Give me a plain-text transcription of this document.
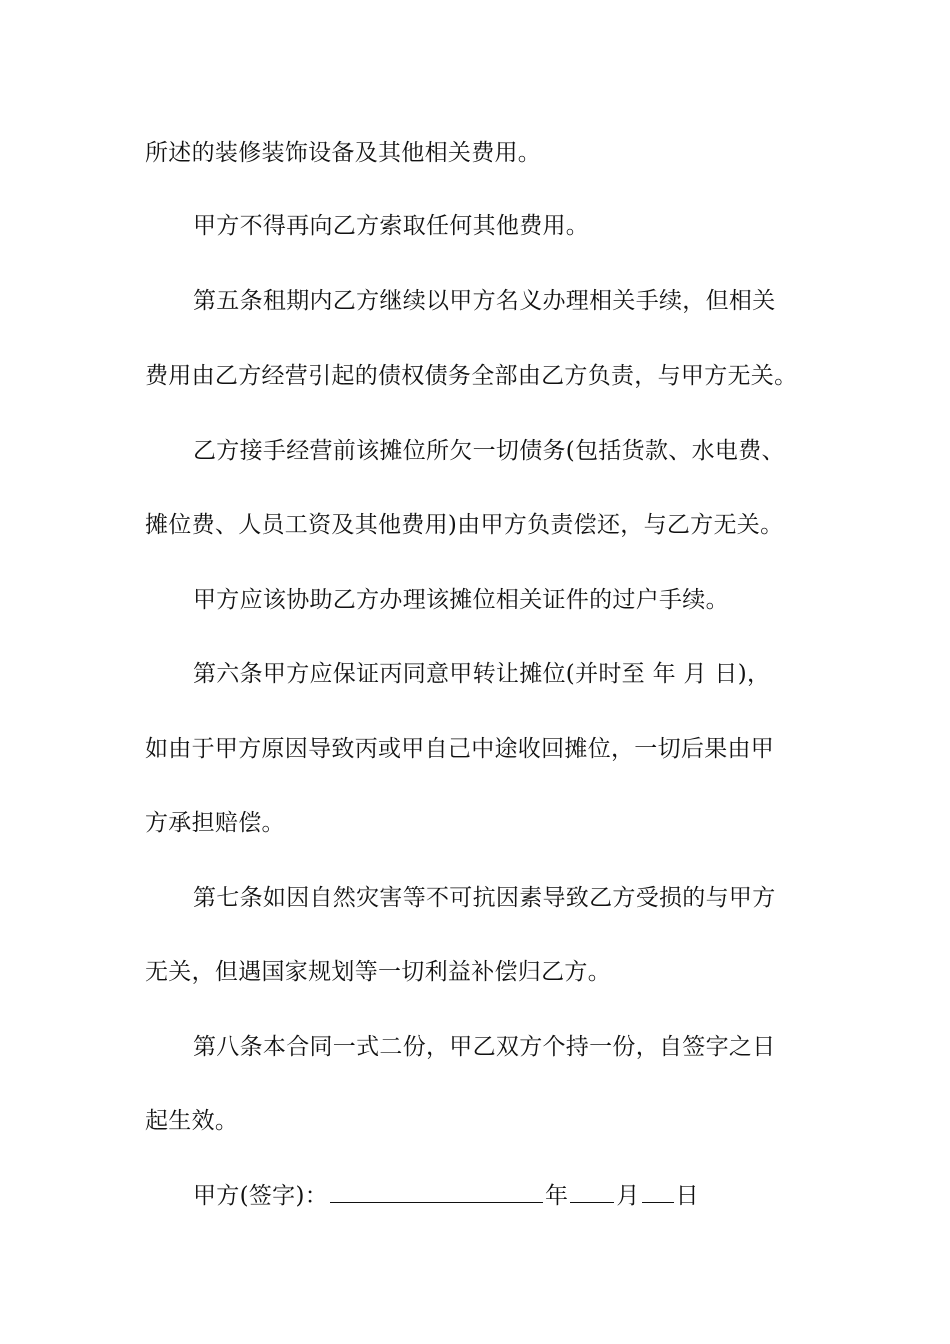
所述的装修装饰设备及其他相关费用。
甲方不得再向乙方索取任何其他费用。
第五条租期内乙方继续以甲方名义办理相关手续，但相关
费用由乙方经营引起的债权债务全部由乙方负责，与甲方无关。
乙方接手经营前该摊位所欠一切债务(包括货款、水电费、
摊位费、人员工资及其他费用)由甲方负责偿还，与乙方无关。
甲方应该协助乙方办理该摊位相关证件的过户手续。
第六条甲方应保证丙同意甲转让摊位(并时至 年 月 日)，
如由于甲方原因导致丙或甲自己中途收回摊位，一切后果由甲
方承担赔偿。
第七条如因自然灾害等不可抗因素导致乙方受损的与甲方
无关，但遇国家规划等一切利益补偿归乙方。
第八条本合同一式二份，甲乙双方个持一份，自签字之日
起生效。
甲方(签字)：	年 月 日
